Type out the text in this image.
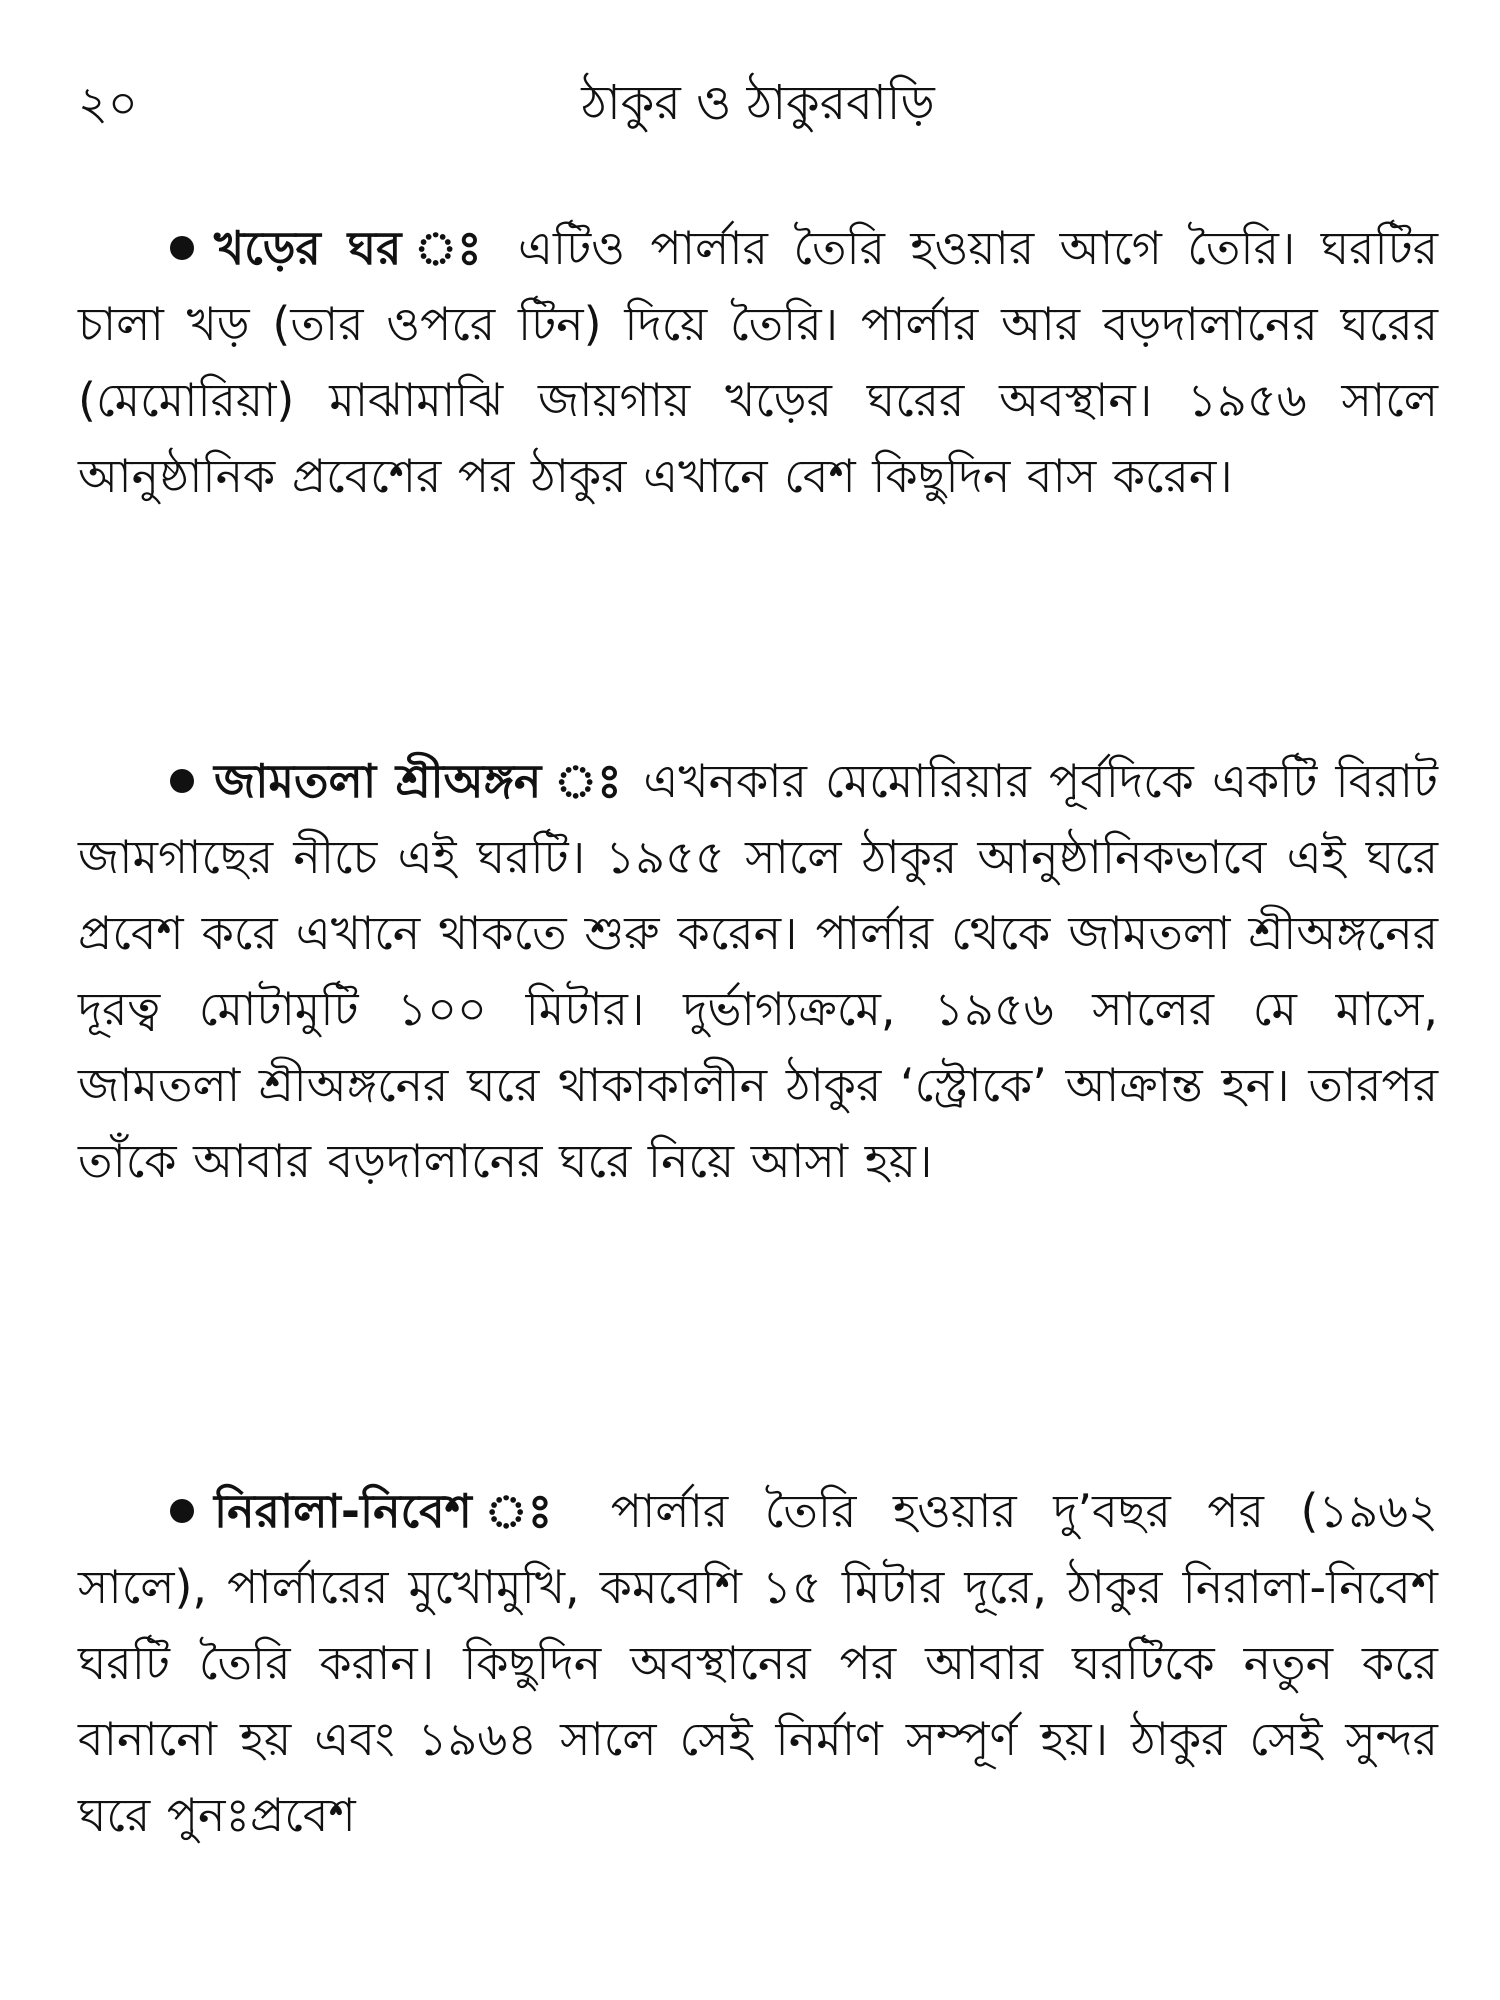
২০	ঠাকুর ও ঠাকুরবাড়ি

খড়ের ঘর ঃ এটিও পার্লার তৈরি হওয়ার আগে তৈরি। ঘরটির চালা খড় (তার ওপরে টিন) দিয়ে তৈরি। পার্লার আর বড়দালানের ঘরের (মেমোরিয়া) মাঝামাঝি জায়গায় খড়ের ঘরের অবস্থান। ১৯৫৬ সালে আনুষ্ঠানিক প্রবেশের পর ঠাকুর এখানে বেশ কিছুদিন বাস করেন।

জামতলা শ্রীঅঙ্গন ঃ এখনকার মেমোরিয়ার পূর্বদিকে একটি বিরাট জামগাছের নীচে এই ঘরটি। ১৯৫৫ সালে ঠাকুর আনুষ্ঠানিকভাবে এই ঘরে প্রবেশ করে এখানে থাকতে শুরু করেন। পার্লার থেকে জামতলা শ্রীঅঙ্গনের দূরত্ব মোটামুটি ১০০ মিটার। দুর্ভাগ্যক্রমে, ১৯৫৬ সালের মে মাসে, জামতলা শ্রীঅঙ্গনের ঘরে থাকাকালীন ঠাকুর ‘স্ট্রোকে’ আক্রান্ত হন। তারপর তাঁকে আবার বড়দালানের ঘরে নিয়ে আসা হয়।

নিরালা-নিবেশ ঃ পার্লার তৈরি হওয়ার দু’বছর পর (১৯৬২ সালে), পার্লারের মুখোমুখি, কমবেশি ১৫ মিটার দূরে, ঠাকুর নিরালা-নিবেশ ঘরটি তৈরি করান। কিছুদিন অবস্থানের পর আবার ঘরটিকে নতুন করে বানানো হয় এবং ১৯৬৪ সালে সেই নির্মাণ সম্পূর্ণ হয়। ঠাকুর সেই সুন্দর ঘরে পুনঃপ্রবেশ
